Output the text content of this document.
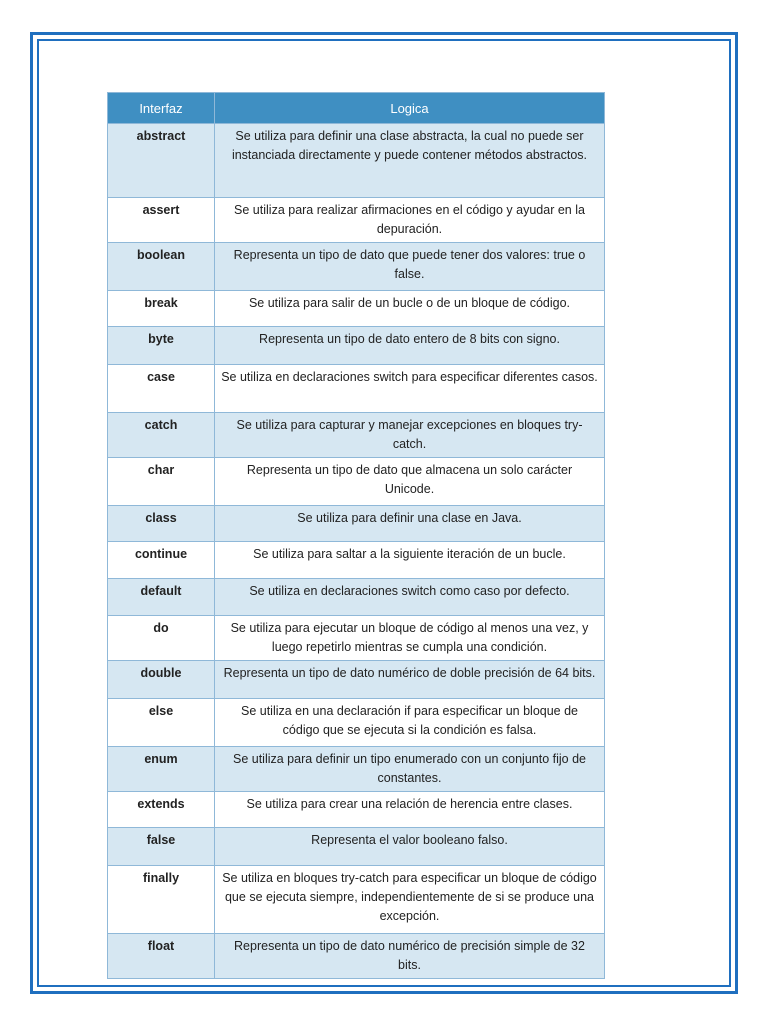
Interfaz	Logica
abstract	Se utiliza para definir una clase abstracta, la cual no puede ser instanciada directamente y puede contener métodos abstractos.
assert	Se utiliza para realizar afirmaciones en el código y ayudar en la depuración.
boolean	Representa un tipo de dato que puede tener dos valores: true o false.
break	Se utiliza para salir de un bucle o de un bloque de código.
byte	Representa un tipo de dato entero de 8 bits con signo.
case	Se utiliza en declaraciones switch para especificar diferentes casos.
catch	Se utiliza para capturar y manejar excepciones en bloques try-catch.
char	Representa un tipo de dato que almacena un solo carácter Unicode.
class	Se utiliza para definir una clase en Java.
continue	Se utiliza para saltar a la siguiente iteración de un bucle.
default	Se utiliza en declaraciones switch como caso por defecto.
do	Se utiliza para ejecutar un bloque de código al menos una vez, y luego repetirlo mientras se cumpla una condición.
double	Representa un tipo de dato numérico de doble precisión de 64 bits.
else	Se utiliza en una declaración if para especificar un bloque de código que se ejecuta si la condición es falsa.
enum	Se utiliza para definir un tipo enumerado con un conjunto fijo de constantes.
extends	Se utiliza para crear una relación de herencia entre clases.
false	Representa el valor booleano falso.
finally	Se utiliza en bloques try-catch para especificar un bloque de código que se ejecuta siempre, independientemente de si se produce una excepción.
float	Representa un tipo de dato numérico de precisión simple de 32 bits.
